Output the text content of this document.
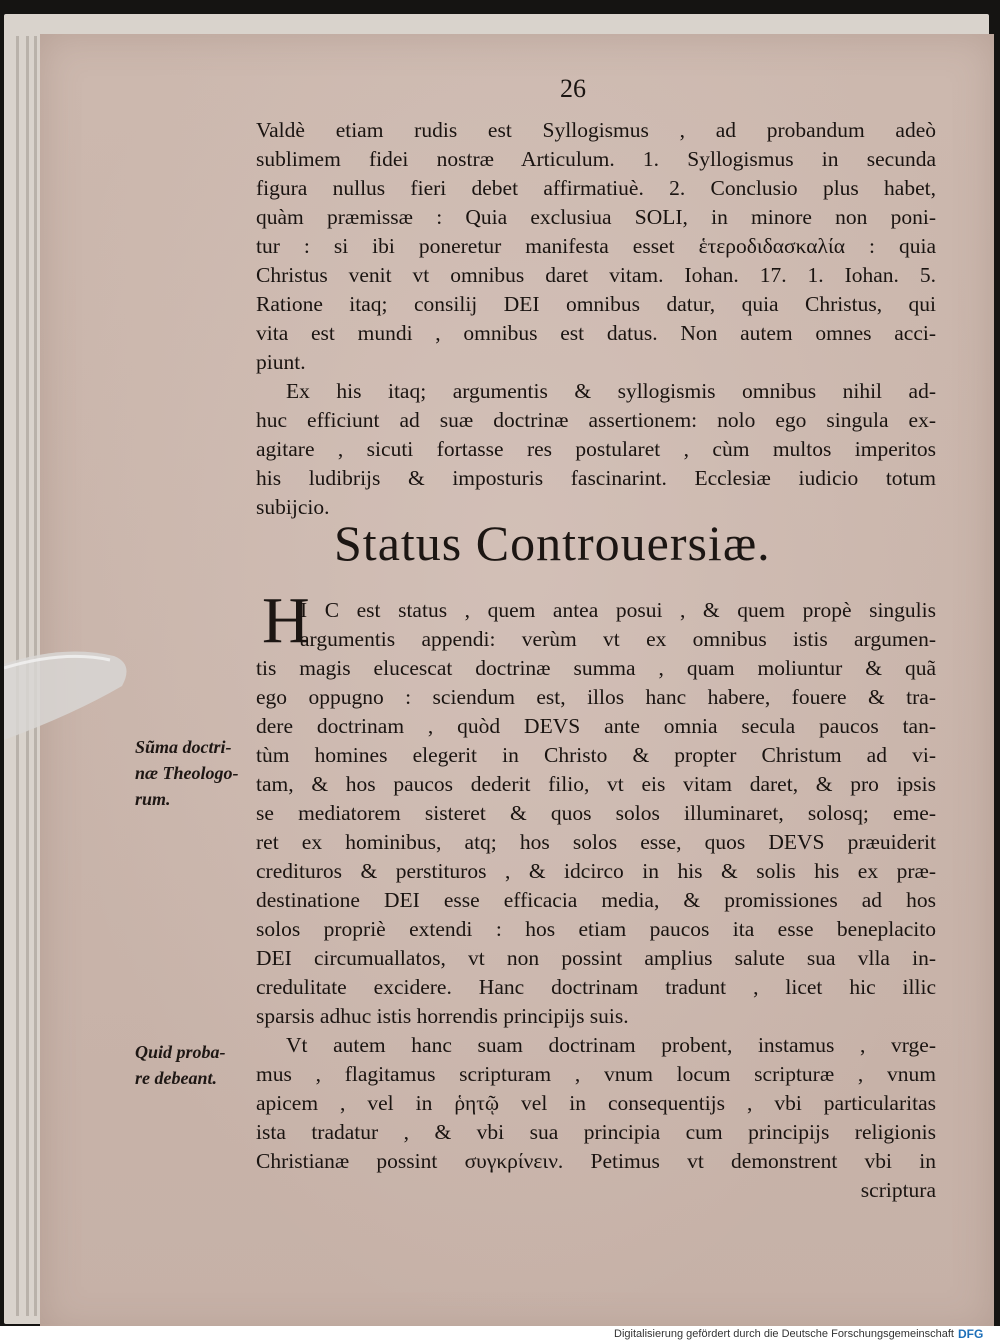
26
Valdè etiam rudis est Syllogismus , ad probandum adeò
sublimem fidei nostræ Articulum. 1. Syllogismus in secunda
figura nullus fieri debet affirmatiuè. 2. Conclusio plus habet,
quàm præmissæ : Quia exclusiua SOLI, in minore non poni-
tur : si ibi poneretur manifesta esset ἑτεροδιδασκαλία : quia
Christus venit vt omnibus daret vitam. Iohan. 17. 1. Iohan. 5.
Ratione itaq; consilij DEI omnibus datur, quia Christus, qui
vita est mundi , omnibus est datus. Non autem omnes acci-
piunt.
Ex his itaq; argumentis & syllogismis omnibus nihil ad-
huc efficiunt ad suæ doctrinæ assertionem: nolo ego singula ex-
agitare , sicuti fortasse res postularet , cùm multos imperitos
his ludibrijs & imposturis fascinarint. Ecclesiæ iudicio totum
subijcio.
Status Controuersiæ.
H
I C est status , quem antea posui , & quem propè singulis
argumentis appendi: verùm vt ex omnibus istis argumen-
tis magis elucescat doctrinæ summa , quam moliuntur & quã
ego oppugno : sciendum est, illos hanc habere, fouere & tra-
dere doctrinam , quòd DEVS ante omnia secula paucos tan-
tùm homines elegerit in Christo & propter Christum ad vi-
tam, & hos paucos dederit filio, vt eis vitam daret, & pro ipsis
se mediatorem sisteret & quos solos illuminaret, solosq; eme-
ret ex hominibus, atq; hos solos esse, quos DEVS præuiderit
credituros & perstituros , & idcirco in his & solis his ex præ-
destinatione DEI esse efficacia media, & promissiones ad hos
solos propriè extendi : hos etiam paucos ita esse beneplacito
DEI circumuallatos, vt non possint amplius salute sua vlla in-
credulitate excidere. Hanc doctrinam tradunt , licet hic illic
sparsis adhuc istis horrendis principijs suis.
Vt autem hanc suam doctrinam probent, instamus , vrge-
mus , flagitamus scripturam , vnum locum scripturæ , vnum
apicem , vel in ῥητῷ vel in consequentijs , vbi particularitas
ista tradatur , & vbi sua principia cum principijs religionis
Christianæ possint συγκρίνειν. Petimus vt demonstrent vbi in
scriptura
Sũma doctri-
næ Theologo-
rum.
Quid proba-
re debeant.
Digitalisierung gefördert durch die Deutsche Forschungsgemeinschaft DFG
